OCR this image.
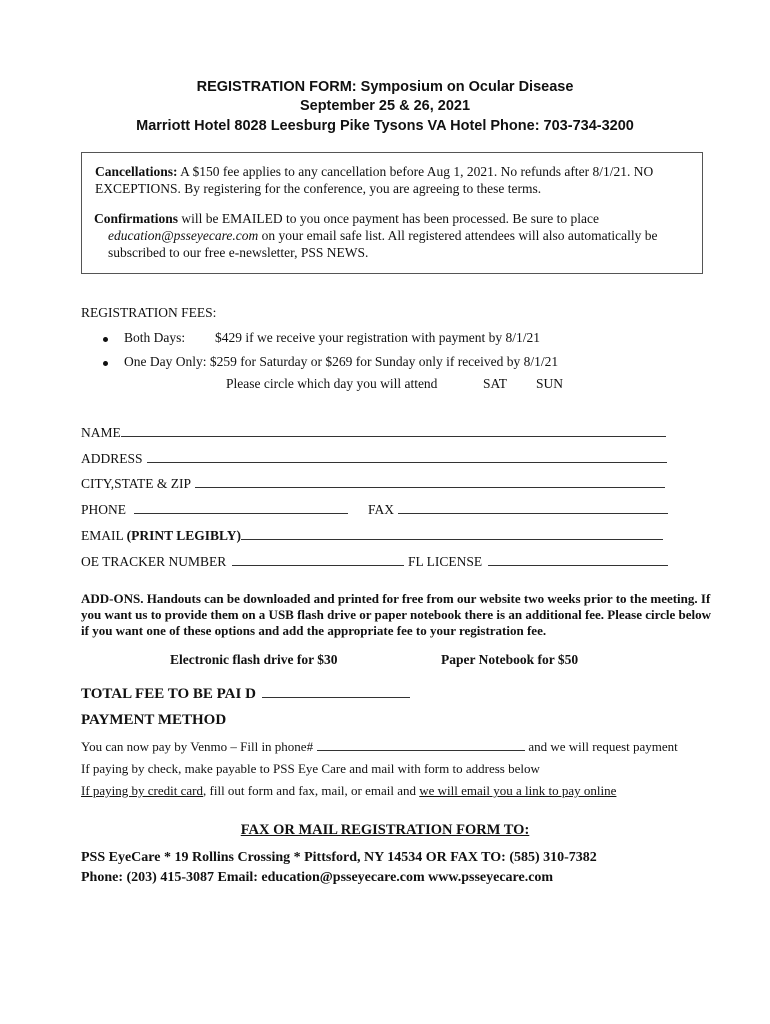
REGISTRATION FORM: Symposium on Ocular Disease
September 25 & 26, 2021
Marriott Hotel 8028 Leesburg Pike Tysons VA Hotel Phone: 703-734-3200
Cancellations: A $150 fee applies to any cancellation before Aug 1, 2021. No refunds after 8/1/21. NO EXCEPTIONS. By registering for the conference, you are agreeing to these terms.
Confirmations will be EMAILED to you once payment has been processed. Be sure to place
education@psseyecare.com on your email safe list. All registered attendees will also automatically be subscribed to our free e-newsletter, PSS NEWS.
REGISTRATION FEES:
Both Days: $429 if we receive your registration with payment by 8/1/21
One Day Only: $259 for Saturday or $269 for Sunday only if received by 8/1/21
Please circle which day you will attend	SAT SUN
NAME
ADDRESS
CITY,STATE & ZIP
PHONE	FAX
EMAIL (PRINT LEGIBLY)
OE TRACKER NUMBER	FL LICENSE
ADD-ONS. Handouts can be downloaded and printed for free from our website two weeks prior to the meeting. If you want us to provide them on a USB flash drive or paper notebook there is an additional fee. Please circle below if you want one of these options and add the appropriate fee to your registration fee.
Electronic flash drive for $30	Paper Notebook for $50
TOTAL FEE TO BE PAI D
PAYMENT METHOD
You can now pay by Venmo – Fill in phone#	and we will request payment
If paying by check, make payable to PSS Eye Care and mail with form to address below
If paying by credit card, fill out form and fax, mail, or email and we will email you a link to pay online
FAX OR MAIL REGISTRATION FORM TO:
PSS EyeCare * 19 Rollins Crossing * Pittsford, NY 14534 OR FAX TO: (585) 310-7382
Phone: (203) 415-3087 Email: education@psseyecare.com www.psseyecare.com
